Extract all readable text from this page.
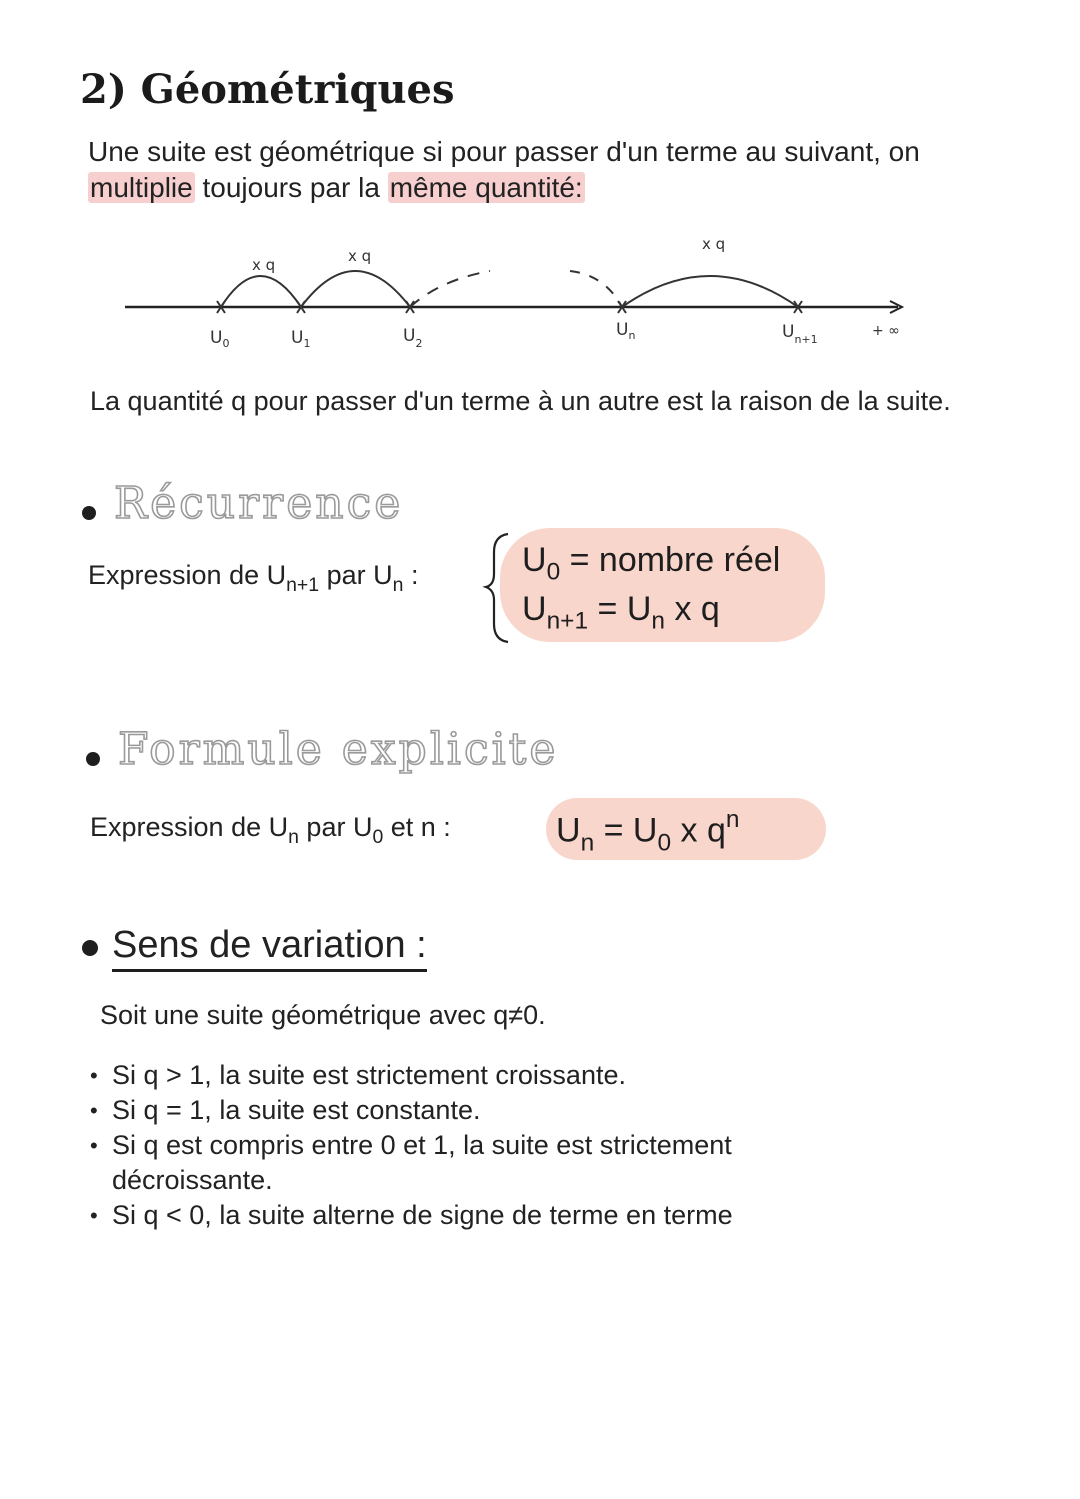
2) Géométriques
Une suite est géométrique si pour passer d'un terme au suivant, on
multiplie toujours par la même quantité:
x q	x q
x q
$U_0$	$U_1$	$U_2$
$U_n$	$U_{n+1}$
+ ∞
La quantité q pour passer d'un terme à un autre est la raison de la suite.
Récurrence
Expression de $U_{n+1}$ par $U_n$ :	$U_0$ = nombre réel
$U_{n+1} = U_n$ x q
Formule explicite
Expression de $U_n$ par $U_0$ et n :	$U_n = U_0$ x $q^n$
Sens de variation :
Soit une suite géométrique avec q≠0.
• Si q > 1, la suite est strictement croissante.
• Si q = 1, la suite est constante.
• Si q est compris entre 0 et 1, la suite est strictement décroissante.
• Si q < 0, la suite alterne de signe de terme en terme
